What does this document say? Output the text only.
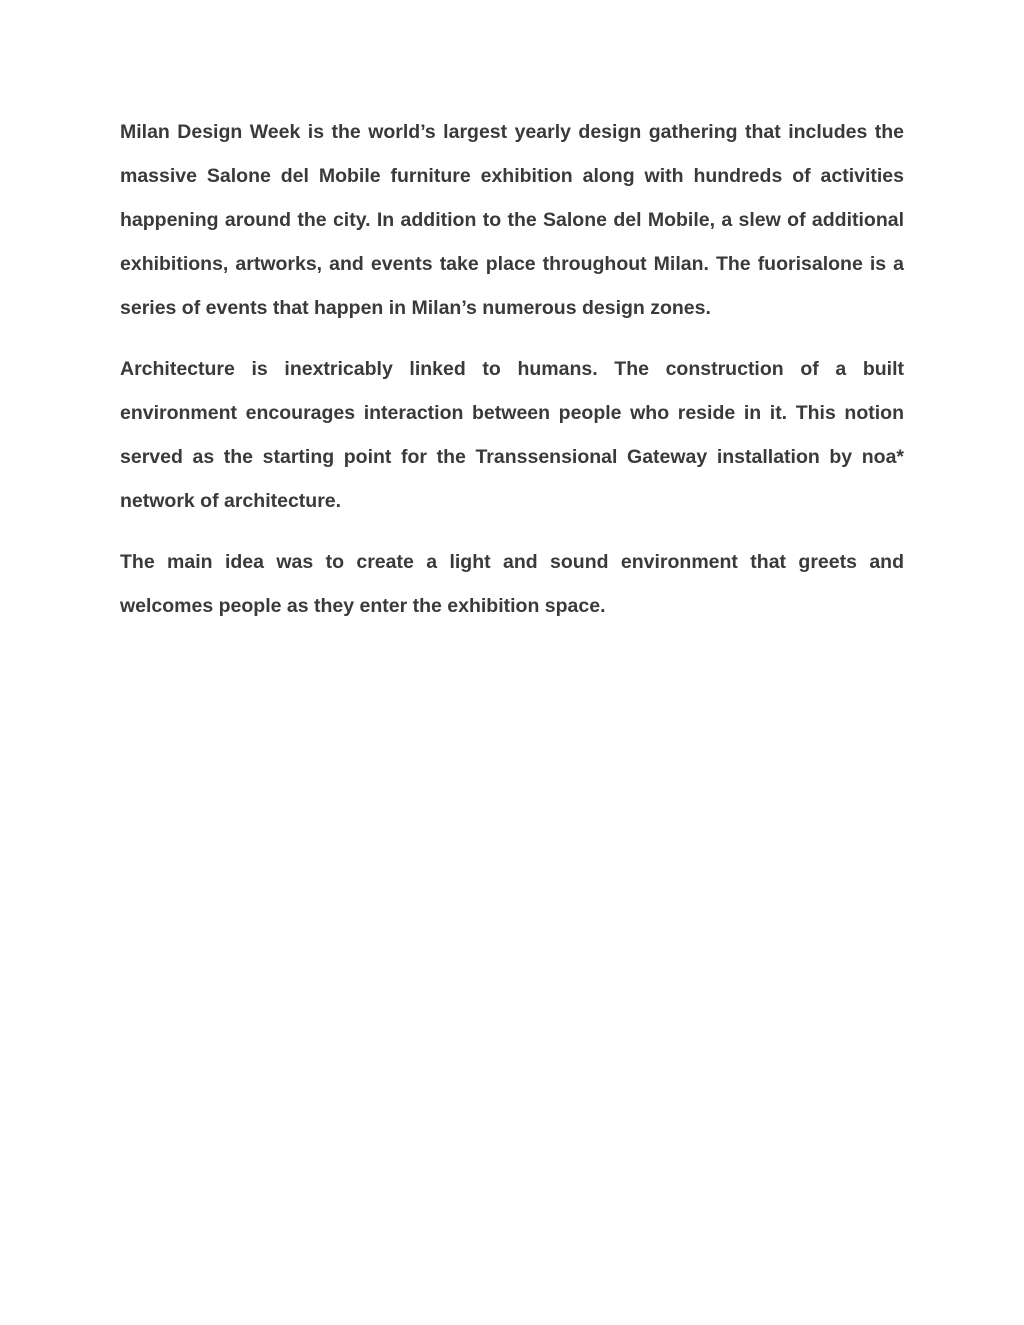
Milan Design Week is the world’s largest yearly design gathering that includes the massive Salone del Mobile furniture exhibition along with hundreds of activities happening around the city. In addition to the Salone del Mobile, a slew of additional exhibitions, artworks, and events take place throughout Milan. The fuorisalone is a series of events that happen in Milan’s numerous design zones.

Architecture is inextricably linked to humans. The construction of a built environment encourages interaction between people who reside in it. This notion served as the starting point for the Transsensional Gateway installation by noa* network of architecture.

The main idea was to create a light and sound environment that greets and welcomes people as they enter the exhibition space.
